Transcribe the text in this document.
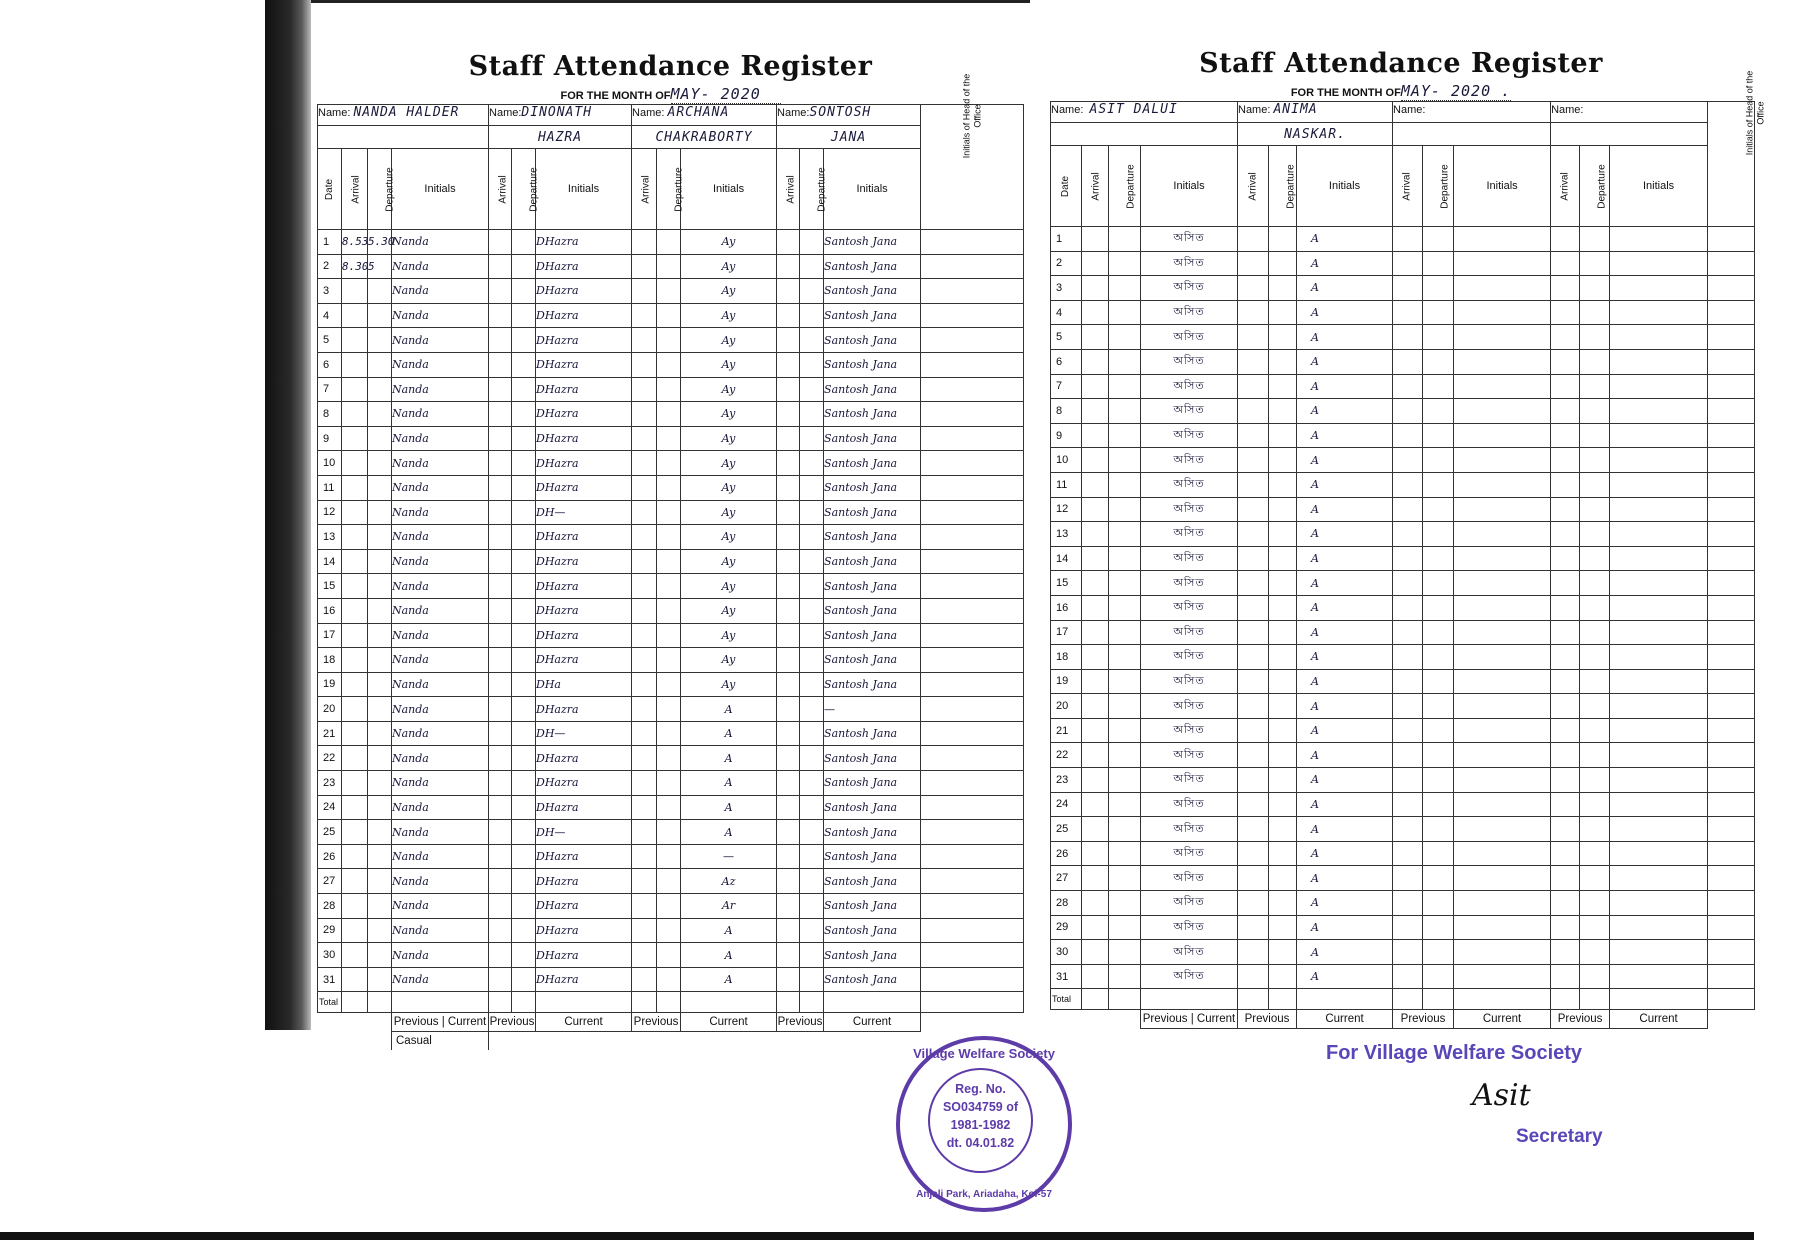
Staff Attendance Register
FOR THE MONTH OFMAY- 2020
Name: NANDA HALDER				Name:DINONATH			Name: ARCHANA			Name:SONTOSH			Initials of Head of the Office
				HAZRA			CHAKRABORTY			JANA			
Date	Arrival	Departure	Initials	Arrival	Departure	Initials	Arrival	Departure	Initials	Arrival	Departure	Initials	
1	8.53	5.30	Nanda			DHazra			Ay			Santosh Jana	
2	8.30	5	Nanda			DHazra			Ay			Santosh Jana	
3			Nanda			DHazra			Ay			Santosh Jana	
4			Nanda			DHazra			Ay			Santosh Jana	
5			Nanda			DHazra			Ay			Santosh Jana	
6			Nanda			DHazra			Ay			Santosh Jana	
7			Nanda			DHazra			Ay			Santosh Jana	
8			Nanda			DHazra			Ay			Santosh Jana	
9			Nanda			DHazra			Ay			Santosh Jana	
10			Nanda			DHazra			Ay			Santosh Jana	
11			Nanda			DHazra			Ay			Santosh Jana	
12			Nanda			DH—			Ay			Santosh Jana	
13			Nanda			DHazra			Ay			Santosh Jana	
14			Nanda			DHazra			Ay			Santosh Jana	
15			Nanda			DHazra			Ay			Santosh Jana	
16			Nanda			DHazra			Ay			Santosh Jana	
17			Nanda			DHazra			Ay			Santosh Jana	
18			Nanda			DHazra			Ay			Santosh Jana	
19			Nanda			DHa			Ay			Santosh Jana	
20			Nanda			DHazra			A			—	
21			Nanda			DH—			A			Santosh Jana	
22			Nanda			DHazra			A			Santosh Jana	
23			Nanda			DHazra			A			Santosh Jana	
24			Nanda			DHazra			A			Santosh Jana	
25			Nanda			DH—			A			Santosh Jana	
26			Nanda			DHazra			—			Santosh Jana	
27			Nanda			DHazra			Az			Santosh Jana	
28			Nanda			DHazra			Ar			Santosh Jana	
29			Nanda			DHazra			A			Santosh Jana	
30			Nanda			DHazra			A			Santosh Jana	
31			Nanda			DHazra			A			Santosh Jana	
Total													
			Previous | Current	Previous		Current	Previous		Current	Previous		Current	
			Casual										
Staff Attendance Register
FOR THE MONTH OFMAY- 2020 .
Name: ASIT DALUI				Name: ANIMA			Name:			Name:			Initials of Head of the Office
				NASKAR.									
Date	Arrival	Departure	Initials	Arrival	Departure	Initials	Arrival	Departure	Initials	Arrival	Departure	Initials	
1			অসিত			A							
2			অসিত			A							
3			অসিত			A							
4			অসিত			A							
5			অসিত			A							
6			অসিত			A							
7			অসিত			A							
8			অসিত			A							
9			অসিত			A							
10			অসিত			A							
11			অসিত			A							
12			অসিত			A							
13			অসিত			A							
14			অসিত			A							
15			অসিত			A							
16			অসিত			A							
17			অসিত			A							
18			অসিত			A							
19			অসিত			A							
20			অসিত			A							
21			অসিত			A							
22			অসিত			A							
23			অসিত			A							
24			অসিত			A							
25			অসিত			A							
26			অসিত			A							
27			অসিত			A							
28			অসিত			A							
29			অসিত			A							
30			অসিত			A							
31			অসিত			A							
Total													
			Previous | Current	Previous		Current	Previous		Current	Previous		Current	
Village Welfare Society
Reg. No.
SO034759 of
1981-1982
dt. 04.01.82
Anjali Park, Ariadaha, Kol-57
For Village Welfare Society
Asit
Secretary
